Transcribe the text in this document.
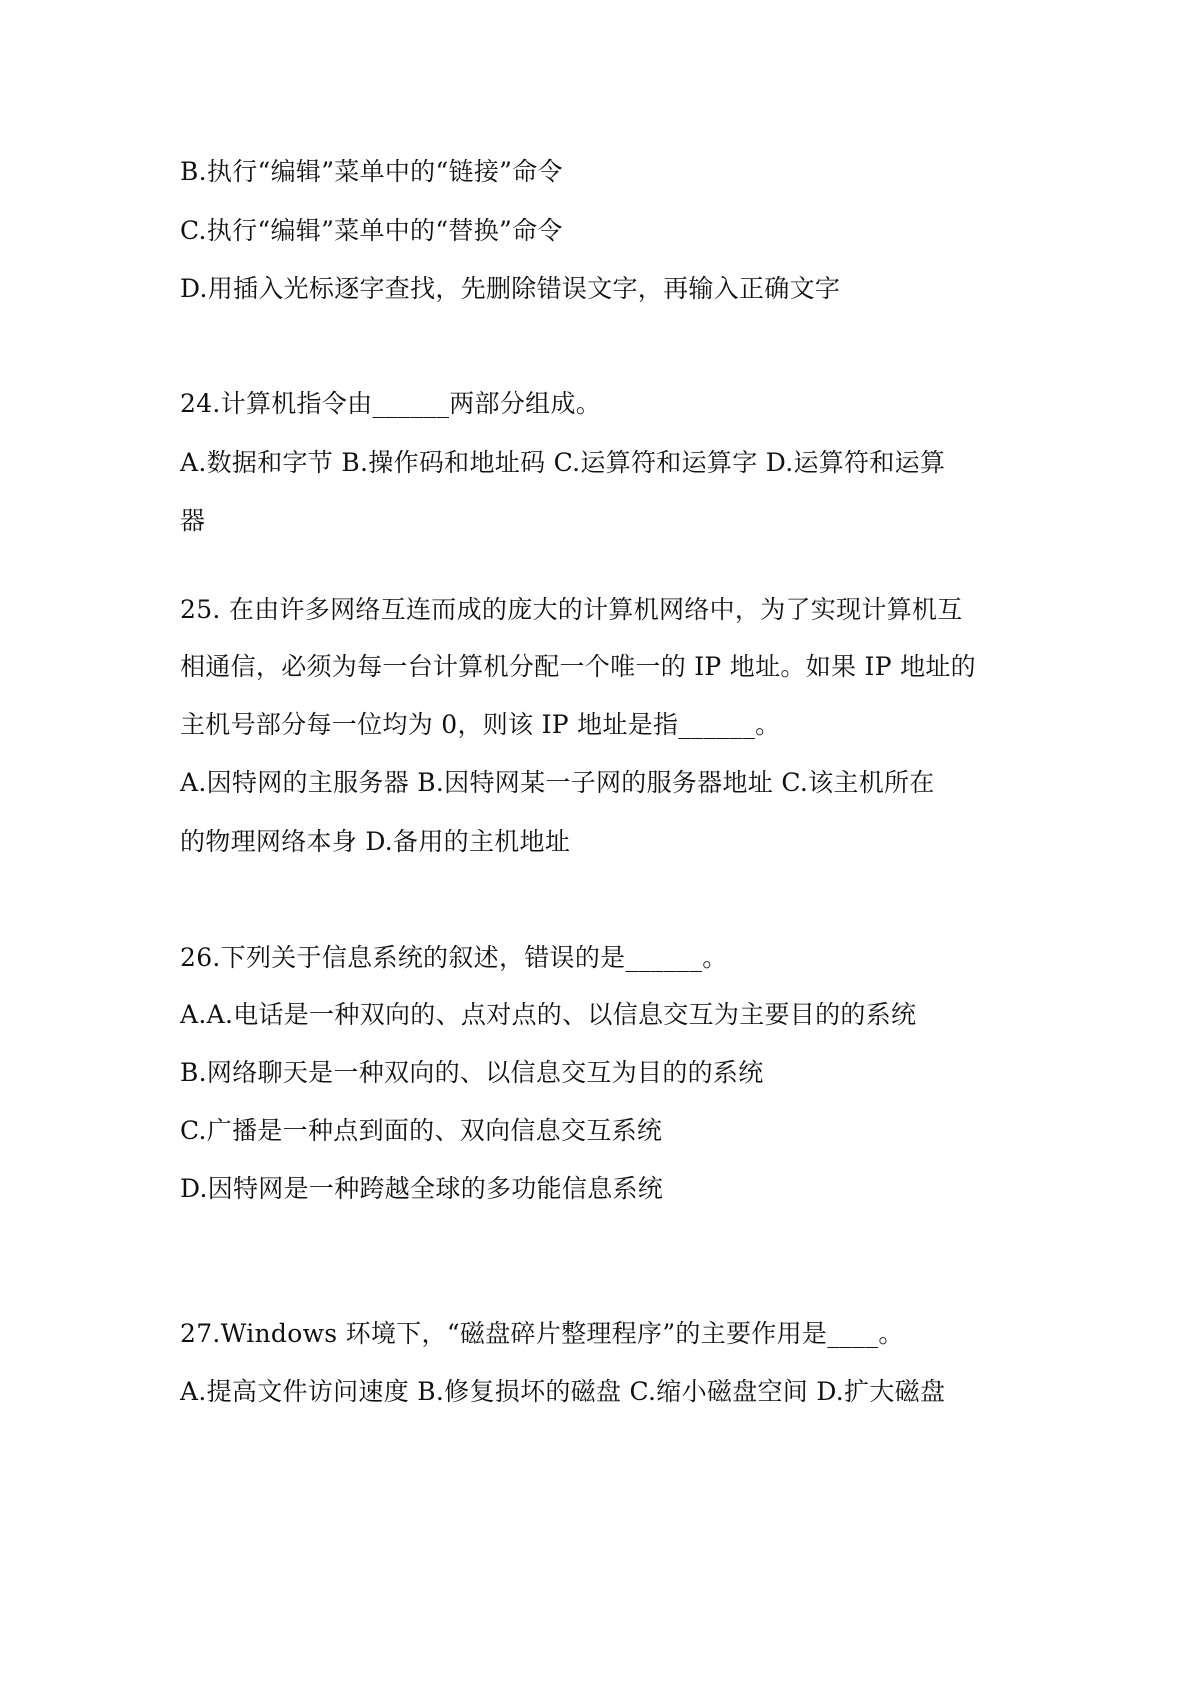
B.执行“编辑”菜单中的“链接”命令
C.执行“编辑”菜单中的“替换”命令
D.用插入光标逐字查找，先删除错误文字，再输入正确文字
24.计算机指令由______两部分组成。
A.数据和字节 B.操作码和地址码 C.运算符和运算字 D.运算符和运算
器
25. 在由许多网络互连而成的庞大的计算机网络中，为了实现计算机互
相通信，必须为每一台计算机分配一个唯一的 IP 地址。如果 IP 地址的
主机号部分每一位均为 0，则该 IP 地址是指______。
A.因特网的主服务器 B.因特网某一子网的服务器地址 C.该主机所在
的物理网络本身 D.备用的主机地址
26.下列关于信息系统的叙述，错误的是______。
A.A.电话是一种双向的、点对点的、以信息交互为主要目的的系统
B.网络聊天是一种双向的、以信息交互为目的的系统
C.广播是一种点到面的、双向信息交互系统
D.因特网是一种跨越全球的多功能信息系统
27.Windows 环境下，“磁盘碎片整理程序”的主要作用是____。
A.提高文件访问速度 B.修复损坏的磁盘 C.缩小磁盘空间 D.扩大磁盘
